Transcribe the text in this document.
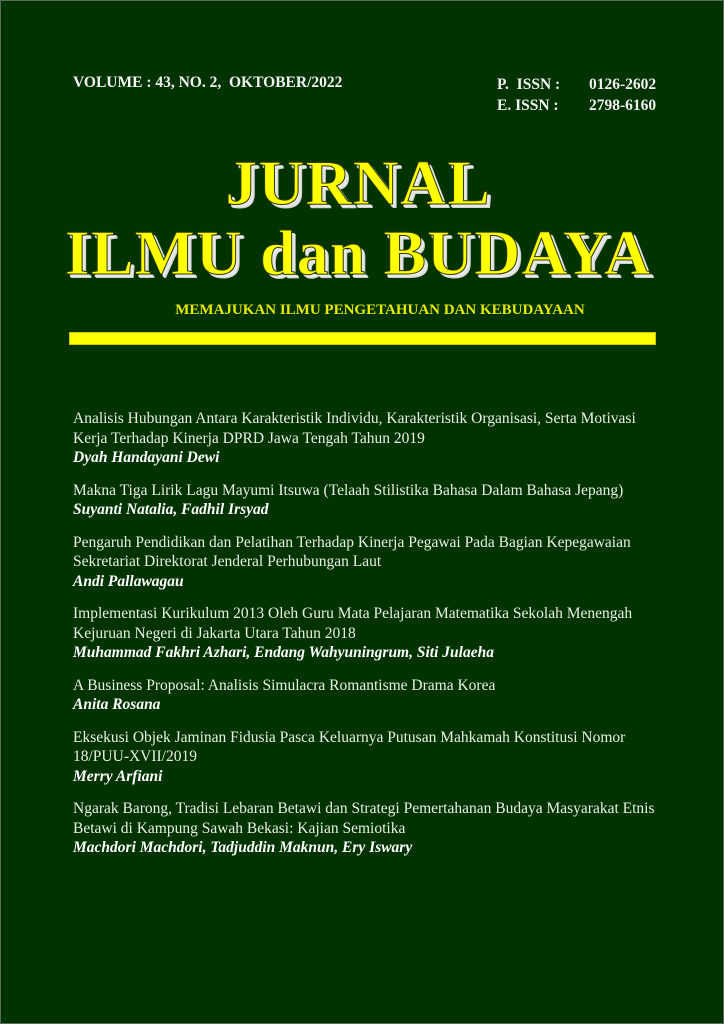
VOLUME : 43, NO. 2,  OKTOBER/2022	P.  ISSN :	0126-2602
E. ISSN :	2798-6160
JURNAL
ILMU dan BUDAYA
MEMAJUKAN ILMU PENGETAHUAN DAN KEBUDAYAAN
Analisis Hubungan Antara Karakteristik Individu, Karakteristik Organisasi, Serta Motivasi Kerja Terhadap Kinerja DPRD Jawa Tengah Tahun 2019
Dyah Handayani Dewi
Makna Tiga Lirik Lagu Mayumi Itsuwa (Telaah Stilistika Bahasa Dalam Bahasa Jepang)
Suyanti Natalia, Fadhil Irsyad
Pengaruh Pendidikan dan Pelatihan Terhadap Kinerja Pegawai Pada Bagian Kepegawaian Sekretariat Direktorat Jenderal Perhubungan Laut
Andi Pallawagau
Implementasi Kurikulum 2013 Oleh Guru Mata Pelajaran Matematika Sekolah Menengah Kejuruan Negeri di Jakarta Utara Tahun 2018
Muhammad Fakhri Azhari, Endang Wahyuningrum, Siti Julaeha
A Business Proposal: Analisis Simulacra Romantisme Drama Korea
Anita Rosana
Eksekusi Objek Jaminan Fidusia Pasca Keluarnya Putusan Mahkamah Konstitusi Nomor 18/PUU-XVII/2019
Merry Arfiani
Ngarak Barong, Tradisi Lebaran Betawi dan Strategi Pemertahanan Budaya Masyarakat Etnis Betawi di Kampung Sawah Bekasi: Kajian Semiotika
Machdori Machdori, Tadjuddin Maknun, Ery Iswary
